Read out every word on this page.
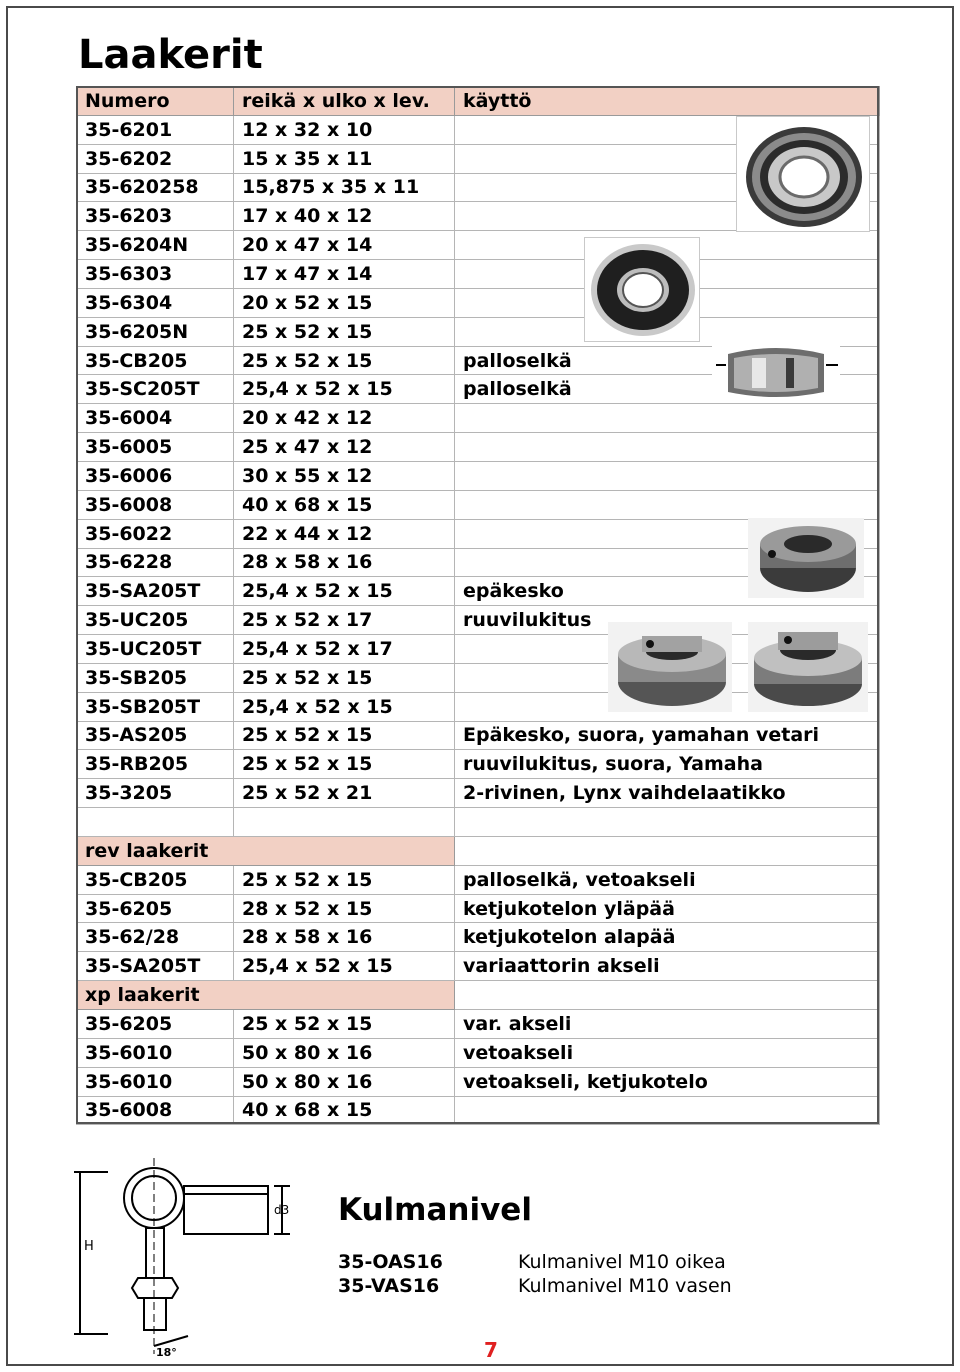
Laakerit
Numero	reikä x ulko x lev.	käyttö
35-6201	12 x 32 x 10	
35-6202	15 x 35 x 11	
35-620258	15,875 x 35 x 11	
35-6203	17 x 40 x 12	
35-6204N	20 x 47 x 14	
35-6303	17 x 47 x 14	
35-6304	20 x 52 x 15	
35-6205N	25 x 52 x 15	
35-CB205	25 x 52 x 15	palloselkä
35-SC205T	25,4 x 52 x 15	palloselkä
35-6004	20 x 42 x 12	
35-6005	25 x 47 x 12	
35-6006	30 x 55 x 12	
35-6008	40 x 68 x 15	
35-6022	22 x 44 x 12	
35-6228	28 x 58 x 16	
35-SA205T	25,4 x 52 x 15	epäkesko
35-UC205	25 x 52 x 17	ruuvilukitus
35-UC205T	25,4 x 52 x 17	
35-SB205	25 x 52 x 15	
35-SB205T	25,4 x 52 x 15	
35-AS205	25 x 52 x 15	Epäkesko, suora, yamahan vetari
35-RB205	25 x 52 x 15	ruuvilukitus, suora, Yamaha
35-3205	25 x 52 x 21	2-rivinen, Lynx vaihdelaatikko

rev laakerit		
35-CB205	25 x 52 x 15	palloselkä, vetoakseli
35-6205	28 x 52 x 15	ketjukotelon yläpää
35-62/28	28 x 58 x 16	ketjukotelon alapää
35-SA205T	25,4 x 52 x 15	variaattorin akseli
xp laakerit		
35-6205	25 x 52 x 15	var. akseli
35-6010	50 x 80 x 16	vetoakseli
35-6010	50 x 80 x 16	vetoakseli, ketjukotelo
35-6008	40 x 68 x 15	
H
d3
18°
Kulmanivel
35-OAS16	Kulmanivel M10 oikea
35-VAS16	Kulmanivel M10 vasen
7
